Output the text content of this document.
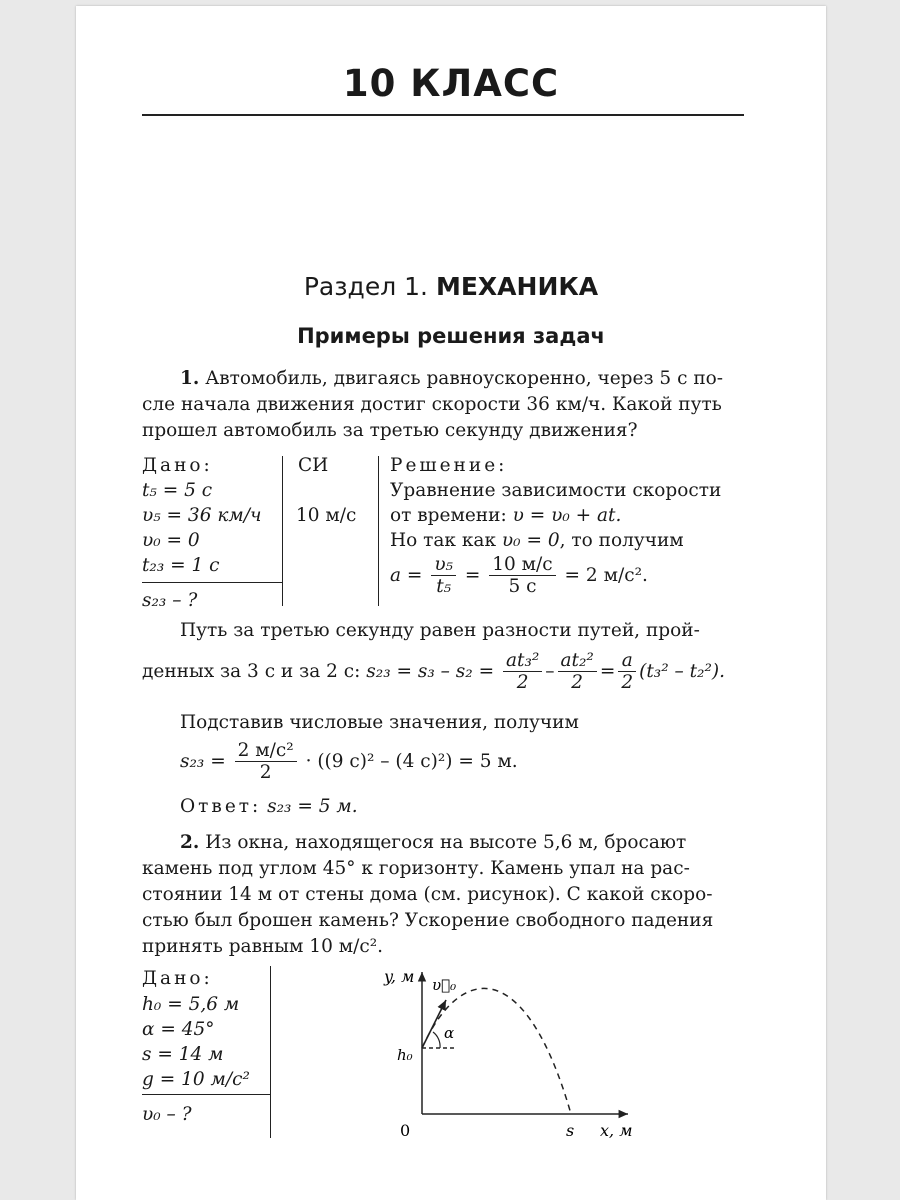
10 КЛАСС
Раздел 1. МЕХАНИКА
Примеры решения задач
1. Автомобиль, двигаясь равноускоренно, через 5 с по-
сле начала движения достиг скорости 36 км/ч. Какой путь
прошел автомобиль за третью секунду движения?
Дано:	СИ	Решение:
t₅ = 5 с
υ₅ = 36 км/ч
υ₀ = 0
t₂₃ = 1 с
s₂₃ – ?
10 м/с
Уравнение зависимости скорости
от времени: υ = υ₀ + at.
Но так как υ₀ = 0, то получим
$a = \frac{\text{υ₅}}{\text{t₅}} = \frac{10 м/с}{5 с} = 2$ м/с².
Путь за третью секунду равен разности путей, прой-
денных за 3 с и за 2 с: $s_{23} = s_3 - s_2 = \frac{\text{at₃²}}{2} - \frac{\text{at₂²}}{2} = \frac{a}{2} (t_3^2 - t_2^2)$.
Подставив числовые значения, получим
$s_{23} = \frac{\text{2 м/с²}}{2} \cdot ((9$ с)² – (4 с)²) = 5 м.
Ответ: s₂₃ = 5 м.
2. Из окна, находящегося на высоте 5,6 м, бросают
камень под углом 45° к горизонту. Камень упал на рас-
стоянии 14 м от стены дома (см. рисунок). С какой скоро-
стью был брошен камень? Ускорение свободного падения
принять равным 10 м/с².
Дано:
h₀ = 5,6 м
α = 45°
s = 14 м
g = 10 м/с²
υ₀ – ?
y, м
x, м
0
h₀
s
υ⃗₀
α
